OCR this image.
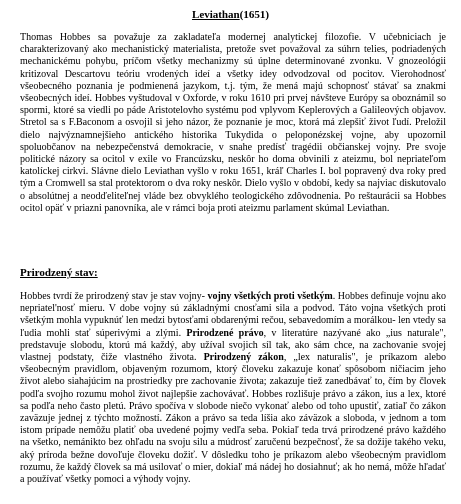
Leviathan(1651)
Thomas Hobbes sa považuje za zakladateľa modernej analytickej filozofie. V učebniciach je charakterizovaný ako mechanistický materialista, pretože svet považoval za súhrn telies, podriadených mechanickému pohybu, príčom všetky mechanizmy sú úplne determinované zvonku. V gnozeológii kritizoval Descartovu teóriu vrodených ideí a všetky idey odvodzoval od pocitov. Vierohodnosť všeobecného poznania je podmienená jazykom, t.j. tým, že mená majú schopnosť stávať sa znakmi všeobecných ideí. Hobbes vyštudoval v Oxforde, v roku 1610 pri prvej návšteve Európy sa oboznámil so spormi, ktoré sa viedli po páde Aristotelovho systému pod vplyvom Keplerových a Galileových objavov. Stretol sa s F.Baconom a osvojil si jeho názor, že poznanie je moc, ktorá má zlepšiť život ľudí. Preložil dielo najvýznamnejšieho antického historika Tukydida o peloponézskej vojne, aby upozornil spoluobčanov na nebezpečenstvá demokracie, v snahe predísť tragédii občianskej vojny. Pre svoje politické názory sa ocitol v exile vo Francúzsku, neskôr ho doma obvinili z ateizmu, bol nepriateľom katolíckej cirkvi. Slávne dielo Leviathan vyšlo v roku 1651, kráľ Charles I. bol popravený dva roky pred tým a Cromwell sa stal protektorom o dva roky neskôr. Dielo vyšlo v období, kedy sa najviac diskutovalo o absolútnej a neodďeliteľnej vláde bez obvyklého teologického zdôvodnenia. Po reštaurácii sa Hobbes ocitol opäť v priazni panovníka, ale v rámci boja proti ateizmu parlament skúmal Leviathan.
Prirodzený stav:
Hobbes tvrdí že prirodzený stav je stav vojny- vojny všetkých proti všetkým. Hobbes definuje vojnu ako nepriatel'nosť mieru. V dobe vojny sú základnými cnosťami sila a podvod. Táto vojna všetkých proti všetkým mohla vypuknúť len medzi bytosťami obdarenými rečou, sebavedomím a morálkou- len vtedy sa ľudia mohli stať súperivými a zlými. Prirodzené právo, v literatúre nazývané ako „ius naturale", predstavuje slobodu, ktorú má každý, aby užíval svojich síl tak, ako sám chce, na zachovanie svojej vlastnej podstaty, čiže vlastného života. Prirodzený zákon, „lex naturalis", je príkazom alebo všeobecným pravidlom, objaveným rozumom, ktorý človeku zakazuje konať spôsobom ničiacim jeho život alebo siahajúcim na prostriedky pre zachovanie života; zakazuje tiež zanedbávať to, čím by človek podľa svojho rozumu mohol život najlepšie zachovávať. Hobbes rozlišuje právo a zákon, ius a lex, ktoré sa podľa neho často pletú. Právo spočíva v slobode niečo vykonať alebo od toho upustiť, zatiaľ čo zákon zaväzuje jednej z týchto možností. Zákon a právo sa teda líšia ako záväzok a sloboda, v jednom a tom istom prípade nemôžu platiť oba uvedené pojmy vedľa seba. Pokiaľ teda trvá prirodzené právo každého na všetko, nemánikto bez ohľadu na svoju silu a múdrosť zaručenú bezpečnosť, že sa dožije takého veku, aký príroda bežne dovoľuje človeku dožiť. V dôsledku toho je príkazom alebo všeobecným pravidlom rozumu, že každý človek sa má usilovať o mier, dokiaľ má nádej ho dosiahnuť; ak ho nemá, môže hľadať a používať všetky pomoci a výhody vojny.
